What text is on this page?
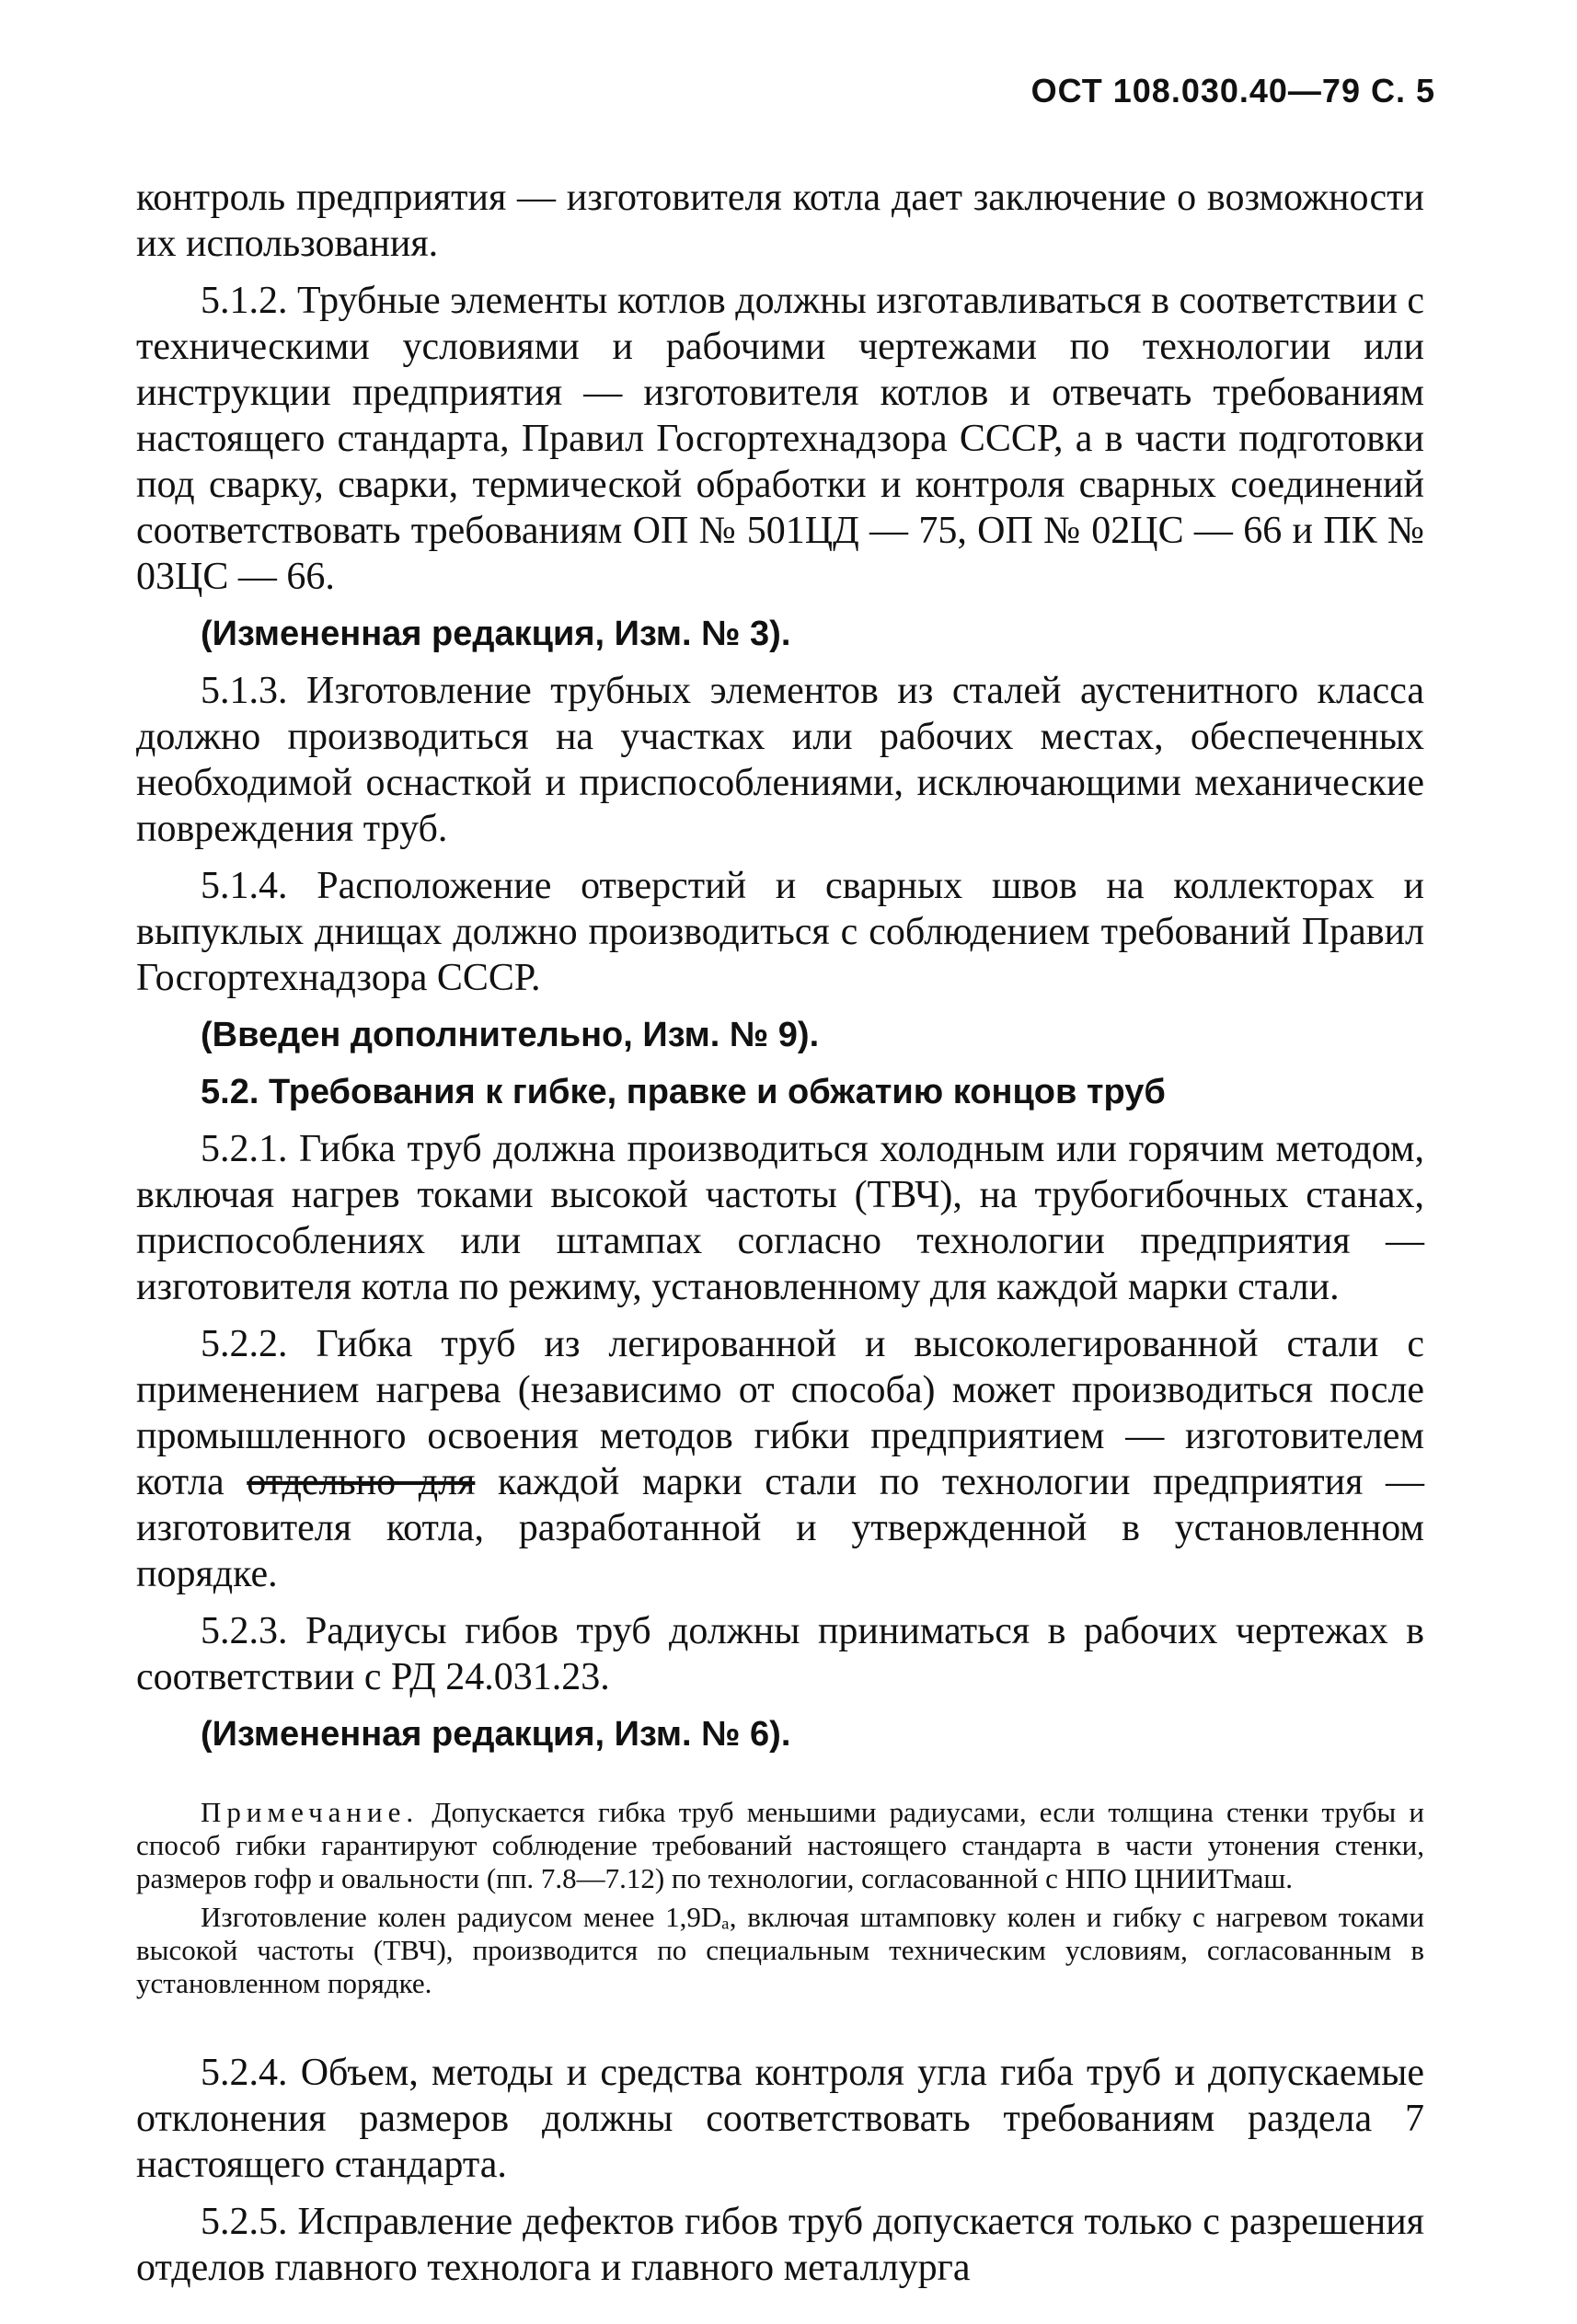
ОСТ 108.030.40—79 С. 5

контроль предприятия — изготовителя котла дает заключение о возможности их использования.

5.1.2. Трубные элементы котлов должны изготавливаться в соответствии с техническими условиями и рабочими чертежами по технологии или инструкции предприятия — изготовителя котлов и отвечать требованиям настоящего стандарта, Правил Госгортехнадзора СССР, а в части подготовки под сварку, сварки, термической обработки и контроля сварных соединений соответствовать требованиям ОП № 501ЦД — 75, ОП № 02ЦС — 66 и ПК № 03ЦС — 66.

(Измененная редакция, Изм. № 3).

5.1.3. Изготовление трубных элементов из сталей аустенитного класса должно производиться на участках или рабочих местах, обеспеченных необходимой оснасткой и приспособлениями, исключающими механические повреждения труб.

5.1.4. Расположение отверстий и сварных швов на коллекторах и выпуклых днищах должно производиться с соблюдением требований Правил Госгортехнадзора СССР.

(Введен дополнительно, Изм. № 9).

5.2. Требования к гибке, правке и обжатию концов труб

5.2.1. Гибка труб должна производиться холодным или горячим методом, включая нагрев токами высокой частоты (ТВЧ), на трубогибочных станах, приспособлениях или штампах согласно технологии предприятия — изготовителя котла по режиму, установленному для каждой марки стали.

5.2.2. Гибка труб из легированной и высоколегированной стали с применением нагрева (независимо от способа) может производиться после промышленного освоения методов гибки предприятием — изготовителем котла отдельно для каждой марки стали по технологии предприятия — изготовителя котла, разработанной и утвержденной в установленном порядке.

5.2.3. Радиусы гибов труб должны приниматься в рабочих чертежах в соответствии с РД 24.031.23.

(Измененная редакция, Изм. № 6).

Примечание. Допускается гибка труб меньшими радиусами, если толщина стенки трубы и способ гибки гарантируют соблюдение требований настоящего стандарта в части утонения стенки, размеров гофр и овальности (пп. 7.8—7.12) по технологии, согласованной с НПО ЦНИИТмаш.

Изготовление колен радиусом менее 1,9Dₐ, включая штамповку колен и гибку с нагревом токами высокой частоты (ТВЧ), производится по специальным техническим условиям, согласованным в установленном порядке.

5.2.4. Объем, методы и средства контроля угла гиба труб и допускаемые отклонения размеров должны соответствовать требованиям раздела 7 настоящего стандарта.

5.2.5. Исправление дефектов гибов труб допускается только с разрешения отделов главного технолога и главного металлурга
